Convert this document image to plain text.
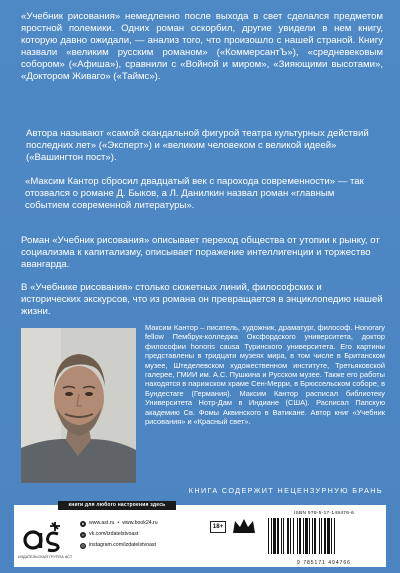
«Учебник рисования» немедленно после выхода в свет сделался предметом яростной полемики. Одних роман оскорбил, другие увидели в нем книгу, которую давно ожидали, — анализ того, что произошло с нашей страной. Книгу назвали «великим русским романом» («КоммерсантЪ»), «средневековым собором» («Афиша»), сравнили с «Войной и миром», «Зияющими высотами», «Доктором Живаго» («Таймс»).

Автора называют «самой скандальной фигурой театра культурных действий последних лет» («Эксперт») и «великим человеком с великой идеей» («Вашингтон пост»).

«Максим Кантор сбросил двадцатый век с парохода современности» — так отозвался о романе Д. Быков, а Л. Данилкин назвал роман «главным событием современной литературы».

Роман «Учебник рисования» описывает переход общества от утопии к рынку, от социализма к капитализму, описывает поражение интеллигенции и торжество авангарда.

В «Учебнике рисования» столько сюжетных линий, философских и исторических экскурсов, что из романа он превращается в энциклопедию нашей жизни.

Максим Кантор – писатель, художник, драматург, философ. Honorary fellow Пембрук-колледжа Оксфордского университета, доктор философии honoris causa Туринского университета. Его картины представлены в тридцати музеях мира, в том числе в Британском музее, Штеделевском художественном институте, Третьяковской галерее, ГМИИ им. А.С. Пушкина и Русском музее. Также его работы находятся в парижском храме Сен-Мерри, в Брюссельском соборе, в Бундестаге (Германия). Максим Кантор расписал библиотеку Университета Нотр-Дам в Индиане (США). Расписал Папскую академию Св. Фомы Аквинского в Ватикане. Автор книг «Учебник рисования» и «Красный свет».
КНИГА СОДЕРЖИТ НЕЦЕНЗУРНУЮ БРАНЬ
книги для любого настроения здесь
ИЗДАТЕЛЬСКАЯ ГРУППА АСТ
● www.ast.ru • www.book24.ru
v vk.com/izdatelstvoast
◎ instagram.com/izdatelstvoast
18+
ISBN 978-5-17-149476-6
9 785171 494766
